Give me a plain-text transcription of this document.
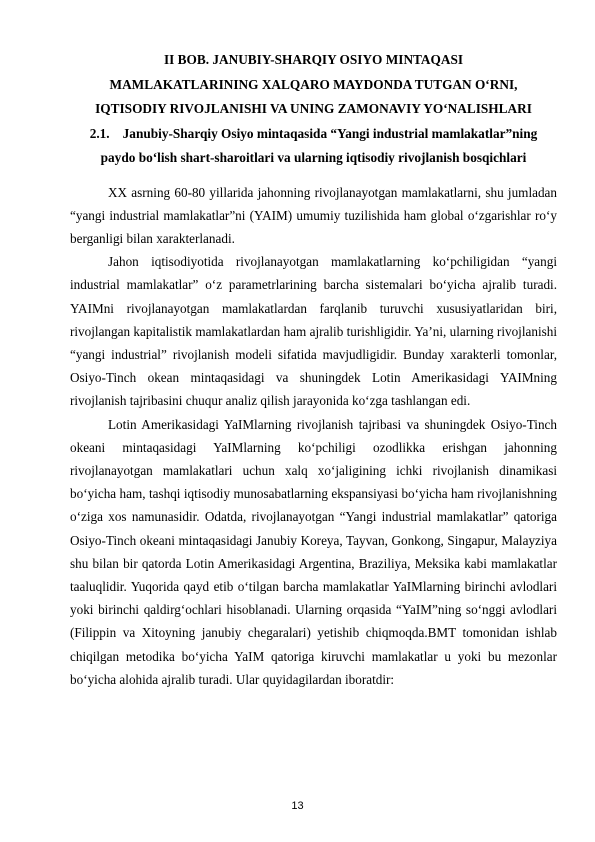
II BOB. JANUBIY-SHARQIY OSIYO MINTAQASI
MAMLAKATLARINING XALQARO MAYDONDA TUTGAN O‘RNI,
IQTISODIY RIVOJLANISHI VA UNING ZAMONAVIY YO‘NALISHLARI
2.1. Janubiy-Sharqiy Osiyo mintaqasida “Yangi industrial mamlakatlar”ning
paydo bo‘lish shart-sharoitlari va ularning iqtisodiy rivojlanish bosqichlari

XX asrning 60-80 yillarida jahonning rivojlanayotgan mamlakatlarni, shu jumladan “yangi industrial mamlakatlar”ni (YAIM) umumiy tuzilishida ham global o‘zgarishlar ro‘y berganligi bilan xarakterlanadi.

Jahon iqtisodiyotida rivojlanayotgan mamlakatlarning ko‘pchiligidan “yangi industrial mamlakatlar” o‘z parametrlarining barcha sistemalari bo‘yicha ajralib turadi. YAIMni rivojlanayotgan mamlakatlardan farqlanib turuvchi xususiyatlaridan biri, rivojlangan kapitalistik mamlakatlardan ham ajralib turishligidir. Ya’ni, ularning rivojlanishi “yangi industrial” rivojlanish modeli sifatida mavjudligidir. Bunday xarakterli tomonlar, Osiyo-Tinch okean mintaqasidagi va shuningdek Lotin Amerikasidagi YAIMning rivojlanish tajribasini chuqur analiz qilish jarayonida ko‘zga tashlangan edi.

Lotin Amerikasidagi YaIMlarning rivojlanish tajribasi va shuningdek Osiyo-Tinch okeani mintaqasidagi YaIMlarning ko‘pchiligi ozodlikka erishgan jahonning rivojlanayotgan mamlakatlari uchun xalq xo‘jaligining ichki rivojlanish dinamikasi bo‘yicha ham, tashqi iqtisodiy munosabatlarning ekspansiyasi bo‘yicha ham rivojlanishning o‘ziga xos namunasidir. Odatda, rivojlanayotgan “Yangi industrial mamlakatlar” qatoriga Osiyo-Tinch okeani mintaqasidagi Janubiy Koreya, Tayvan, Gonkong, Singapur, Malayziya shu bilan bir qatorda Lotin Amerikasidagi Argentina, Braziliya, Meksika kabi mamlakatlar taaluqlidir. Yuqorida qayd etib o‘tilgan barcha mamlakatlar YaIMlarning birinchi avlodlari yoki birinchi qaldirg‘ochlari hisoblanadi. Ularning orqasida “YaIM”ning so‘nggi avlodlari (Filippin va Xitoyning janubiy chegaralari) yetishib chiqmoqda.BMT tomonidan ishlab chiqilgan metodika bo‘yicha YaIM qatoriga kiruvchi mamlakatlar u yoki bu mezonlar bo‘yicha alohida ajralib turadi. Ular quyidagilardan iboratdir:

13
